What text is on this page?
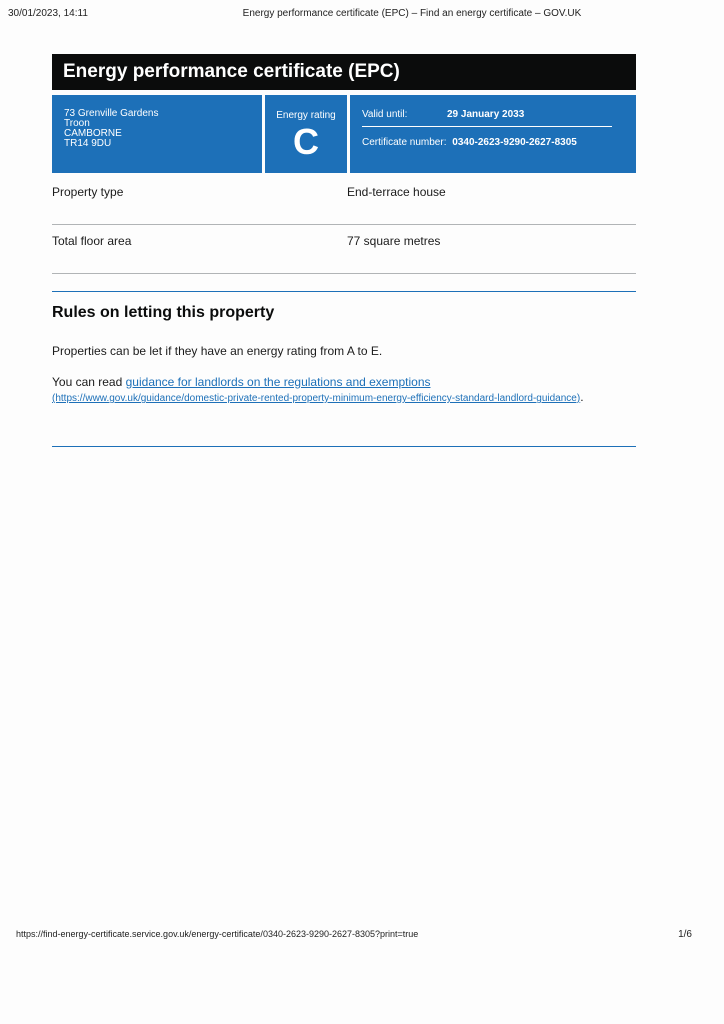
30/01/2023, 14:11	Energy performance certificate (EPC) – Find an energy certificate – GOV.UK
Energy performance certificate (EPC)
73 Grenville Gardens
Troon
CAMBORNE
TR14 9DU
Energy rating
C
Valid until:	29 January 2033
Certificate number: 0340-2623-9290-2627-8305
Property type	End-terrace house
Total floor area	77 square metres
Rules on letting this property

Properties can be let if they have an energy rating from A to E.

You can read guidance for landlords on the regulations and exemptions
(https://www.gov.uk/guidance/domestic-private-rented-property-minimum-energy-efficiency-standard-landlord-guidance).

https://find-energy-certificate.service.gov.uk/energy-certificate/0340-2623-9290-2627-8305?print=true	1/6
